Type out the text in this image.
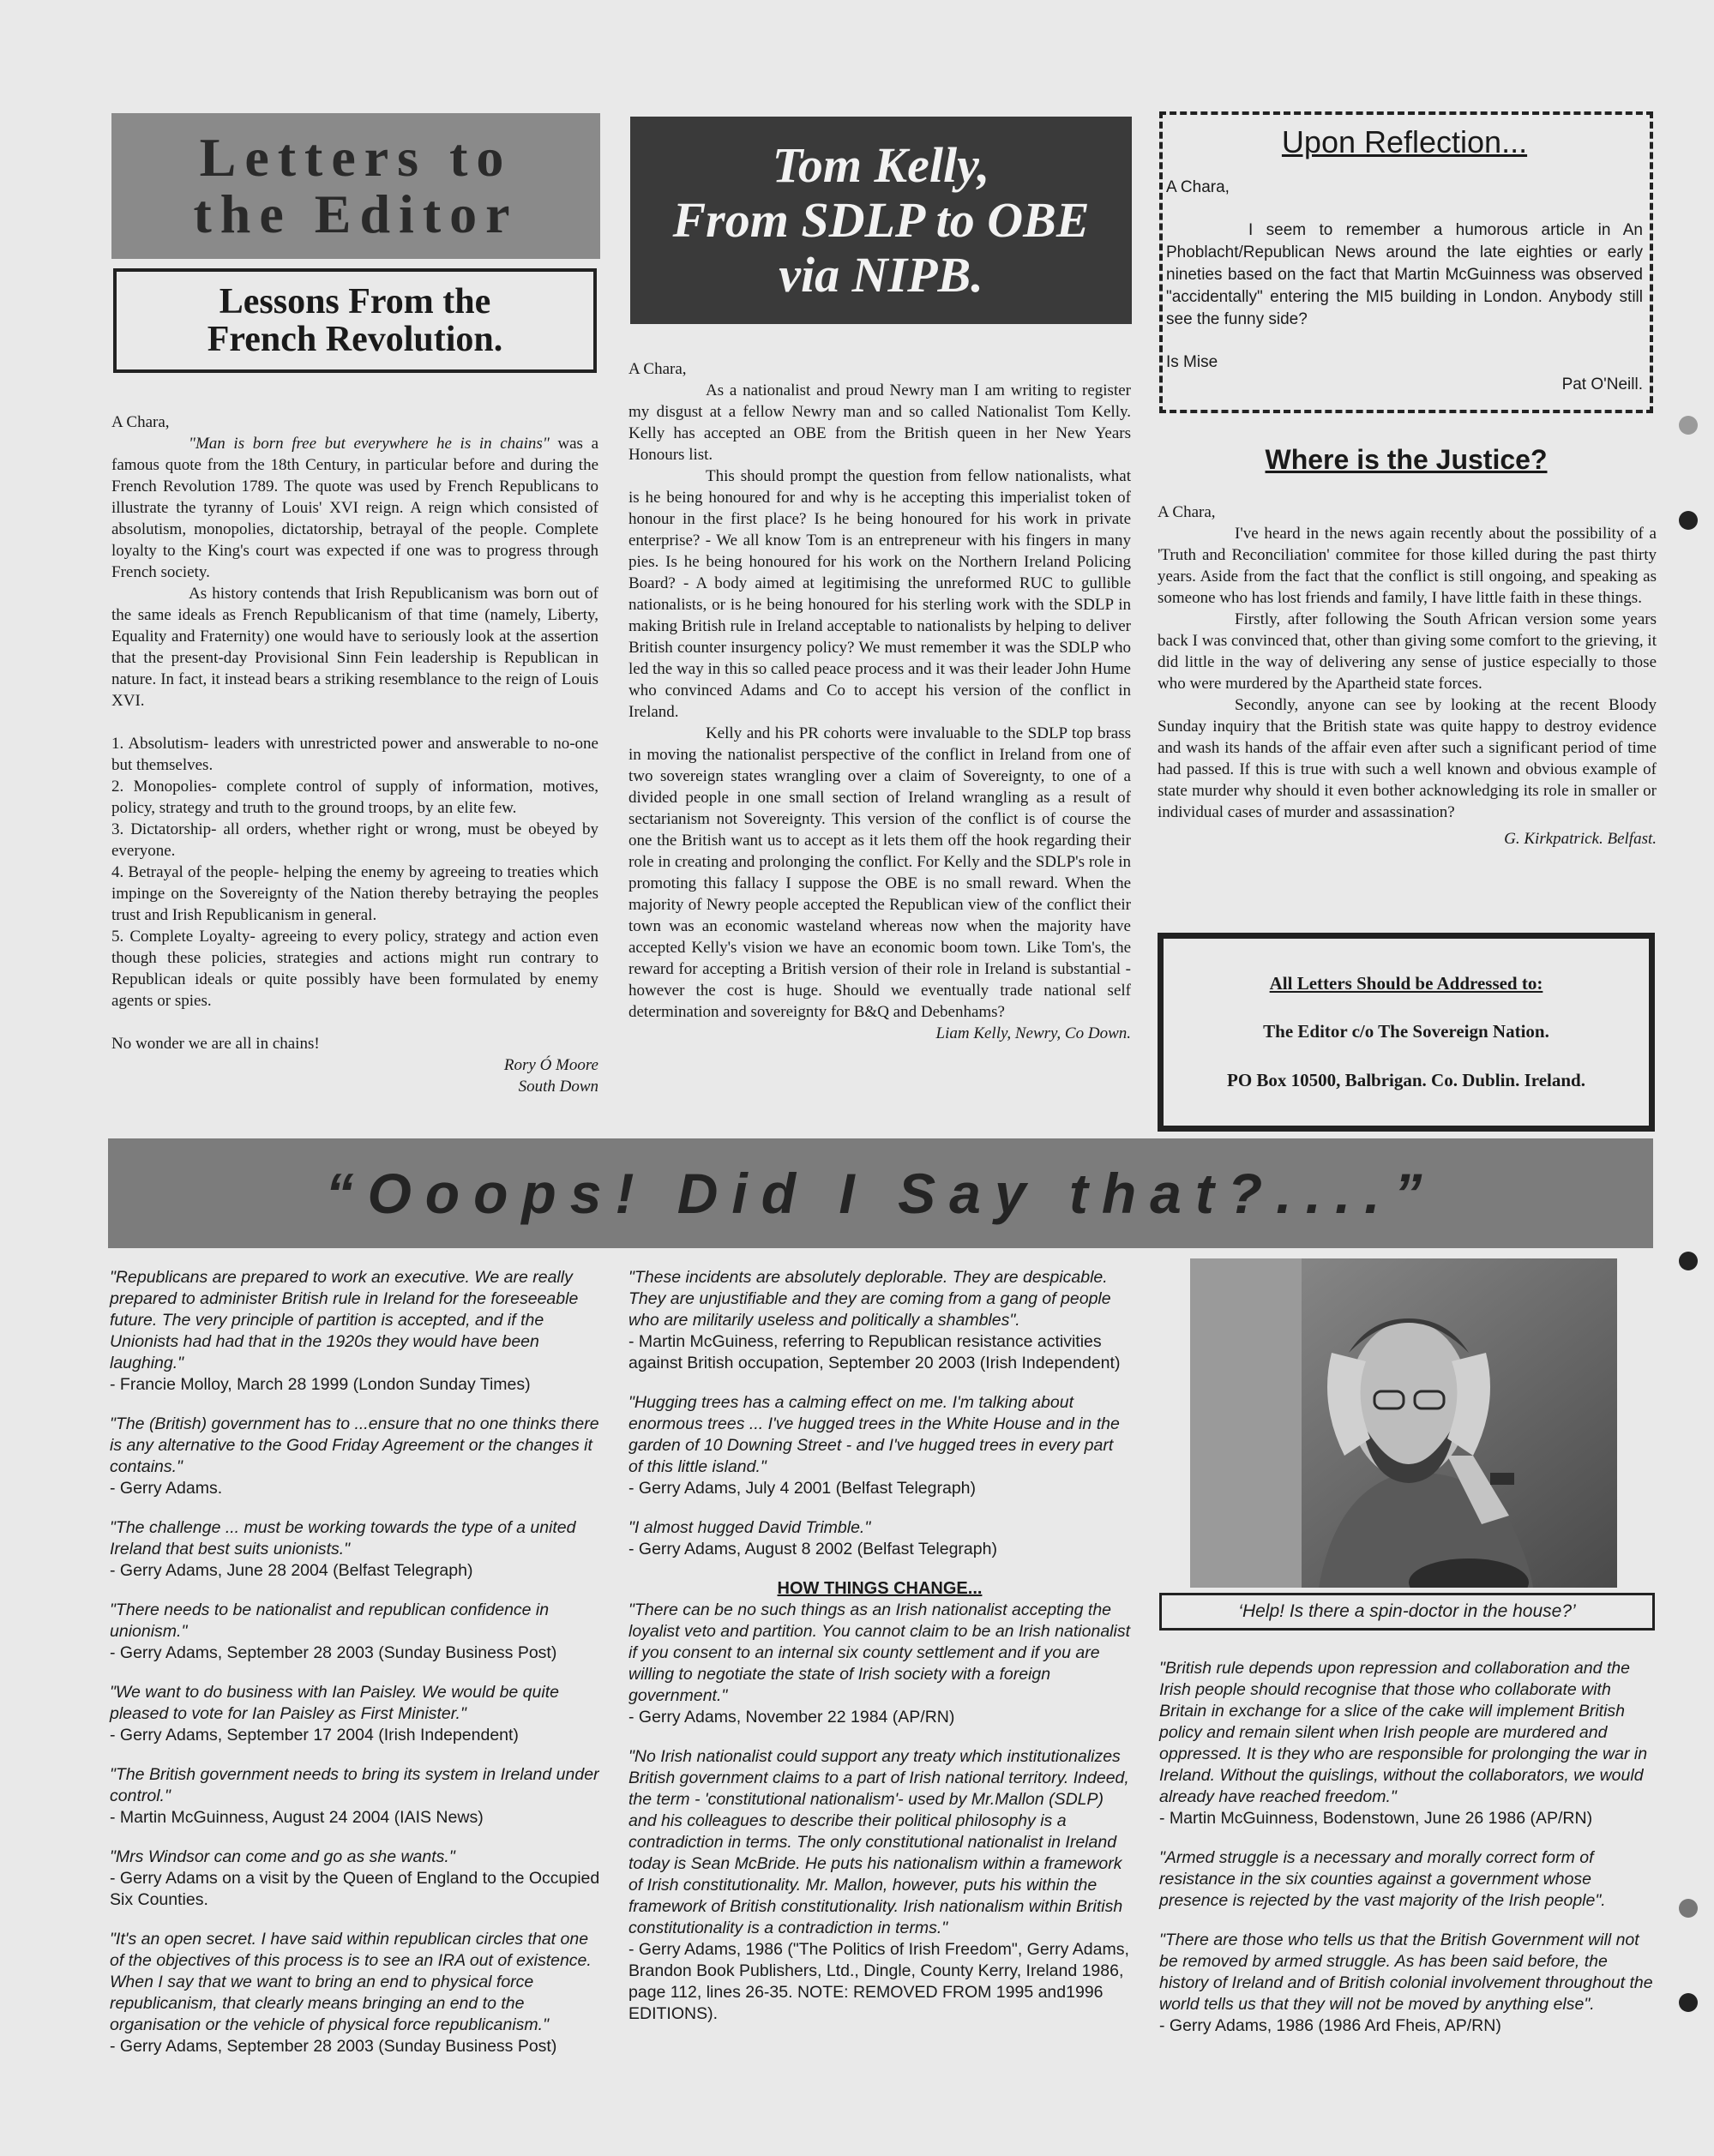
Letters to
the Editor
Lessons From the
French Revolution.

A Chara,

"Man is born free but everywhere he is in chains" was a famous quote from the 18th Century, in particular before and during the French Revolution 1789. The quote was used by French Republicans to illustrate the tyranny of Louis' XVI reign. A reign which consisted of absolutism, monopolies, dictatorship, betrayal of the people. Complete loyalty to the King's court was expected if one was to progress through French society.

As history contends that Irish Republicanism was born out of the same ideals as French Republicanism of that time (namely, Liberty, Equality and Fraternity) one would have to seriously look at the assertion that the present-day Provisional Sinn Fein leadership is Republican in nature. In fact, it instead bears a striking resemblance to the reign of Louis XVI.

1. Absolutism- leaders with unrestricted power and answerable to no-one but themselves.

2. Monopolies- complete control of supply of information, motives, policy, strategy and truth to the ground troops, by an elite few.

3. Dictatorship- all orders, whether right or wrong, must be obeyed by everyone.

4. Betrayal of the people- helping the enemy by agreeing to treaties which impinge on the Sovereignty of the Nation thereby betraying the peoples trust and Irish Republicanism in general.

5. Complete Loyalty- agreeing to every policy, strategy and action even though these policies, strategies and actions might run contrary to Republican ideals or quite possibly have been formulated by enemy agents or spies.

No wonder we are all in chains!

Rory Ó Moore

South Down

Tom Kelly,
From SDLP to OBE
via NIPB.

A Chara,

As a nationalist and proud Newry man I am writing to register my disgust at a fellow Newry man and so called Nationalist Tom Kelly. Kelly has accepted an OBE from the British queen in her New Years Honours list.

This should prompt the question from fellow nationalists, what is he being honoured for and why is he accepting this imperialist token of honour in the first place? Is he being honoured for his work in private enterprise? - We all know Tom is an entrepreneur with his fingers in many pies. Is he being honoured for his work on the Northern Ireland Policing Board? - A body aimed at legitimising the unreformed RUC to gullible nationalists, or is he being honoured for his sterling work with the SDLP in making British rule in Ireland acceptable to nationalists by helping to deliver British counter insurgency policy? We must remember it was the SDLP who led the way in this so called peace process and it was their leader John Hume who convinced Adams and Co to accept his version of the conflict in Ireland.

Kelly and his PR cohorts were invaluable to the SDLP top brass in moving the nationalist perspective of the conflict in Ireland from one of two sovereign states wrangling over a claim of Sovereignty, to one of a divided people in one small section of Ireland wrangling as a result of sectarianism not Sovereignty. This version of the conflict is of course the one the British want us to accept as it lets them off the hook regarding their role in creating and prolonging the conflict. For Kelly and the SDLP's role in promoting this fallacy I suppose the OBE is no small reward. When the majority of Newry people accepted the Republican view of the conflict their town was an economic wasteland whereas now when the majority have accepted Kelly's vision we have an economic boom town. Like Tom's, the reward for accepting a British version of their role in Ireland is substantial - however the cost is huge. Should we eventually trade national self determination and sovereignty for B&Q and Debenhams?

Liam Kelly, Newry, Co Down.

Upon Reflection...

A Chara,

I seem to remember a humorous article in An Phoblacht/Republican News around the late eighties or early nineties based on the fact that Martin McGuinness was observed "accidentally" entering the MI5 building in London. Anybody still see the funny side?

Is Mise

Pat O'Neill.

Where is the Justice?

A Chara,

I've heard in the news again recently about the possibility of a 'Truth and Reconciliation' commitee for those killed during the past thirty years. Aside from the fact that the conflict is still ongoing, and speaking as someone who has lost friends and family, I have little faith in these things.

Firstly, after following the South African version some years back I was convinced that, other than giving some comfort to the grieving, it did little in the way of delivering any sense of justice especially to those who were murdered by the Apartheid state forces.

Secondly, anyone can see by looking at the recent Bloody Sunday inquiry that the British state was quite happy to destroy evidence and wash its hands of the affair even after such a significant period of time had passed. If this is true with such a well known and obvious example of state murder why should it even bother acknowledging its role in smaller or individual cases of murder and assassination?

G. Kirkpatrick. Belfast.

All Letters Should be Addressed to:
The Editor c/o The Sovereign Nation.
PO Box 10500, Balbrigan. Co. Dublin. Ireland.
“Ooops! Did I Say that?....”

"Republicans are prepared to work an executive. We are really prepared to administer British rule in Ireland for the foreseeable future. The very principle of partition is accepted, and if the Unionists had had that in the 1920s they would have been laughing."

- Francie Molloy, March 28 1999 (London Sunday Times)

"The (British) government has to ...ensure that no one thinks there is any alternative to the Good Friday Agreement or the changes it contains."

- Gerry Adams.

"The challenge ... must be working towards the type of a united Ireland that best suits unionists."

- Gerry Adams, June 28 2004 (Belfast Telegraph)

"There needs to be nationalist and republican confidence in unionism."

- Gerry Adams, September 28 2003 (Sunday Business Post)

"We want to do business with Ian Paisley. We would be quite pleased to vote for Ian Paisley as First Minister."

- Gerry Adams, September 17 2004 (Irish Independent)

"The British government needs to bring its system in Ireland under control."

- Martin McGuinness, August 24 2004 (IAIS News)

"Mrs Windsor can come and go as she wants."

- Gerry Adams on a visit by the Queen of England to the Occupied Six Counties.

"It's an open secret. I have said within republican circles that one of the objectives of this process is to see an IRA out of existence. When I say that we want to bring an end to physical force republicanism, that clearly means bringing an end to the organisation or the vehicle of physical force republicanism."

- Gerry Adams, September 28 2003 (Sunday Business Post)

"These incidents are absolutely deplorable. They are despicable. They are unjustifiable and they are coming from a gang of people who are militarily useless and politically a shambles".

- Martin McGuiness, referring to Republican resistance activities against British occupation, September 20 2003 (Irish Independent)

"Hugging trees has a calming effect on me. I'm talking about enormous trees ... I've hugged trees in the White House and in the garden of 10 Downing Street - and I've hugged trees in every part of this little island."

- Gerry Adams, July 4 2001 (Belfast Telegraph)

"I almost hugged David Trimble."

- Gerry Adams, August 8 2002 (Belfast Telegraph)

HOW THINGS CHANGE...

"There can be no such things as an Irish nationalist accepting the loyalist veto and partition. You cannot claim to be an Irish nationalist if you consent to an internal six county settlement and if you are willing to negotiate the state of Irish society with a foreign government."

- Gerry Adams, November 22 1984 (AP/RN)

"No Irish nationalist could support any treaty which institutionalizes British government claims to a part of Irish national territory. Indeed, the term - 'constitutional nationalism'- used by Mr.Mallon (SDLP) and his colleagues to describe their political philosophy is a contradiction in terms. The only constitutional nationalist in Ireland today is Sean McBride. He puts his nationalism within a framework of Irish constitutionality. Mr. Mallon, however, puts his within the framework of British constitutionality. Irish nationalism within British constitutionality is a contradiction in terms."

- Gerry Adams, 1986 ("The Politics of Irish Freedom", Gerry Adams, Brandon Book Publishers, Ltd., Dingle, County Kerry, Ireland 1986, page 112, lines 26-35. NOTE: REMOVED FROM 1995 and1996 EDITIONS).

‘Help! Is there a spin-doctor in the house?’

"British rule depends upon repression and collaboration and the Irish people should recognise that those who collaborate with Britain in exchange for a slice of the cake will implement British policy and remain silent when Irish people are murdered and oppressed. It is they who are responsible for prolonging the war in Ireland. Without the quislings, without the collaborators, we would already have reached freedom."

- Martin McGuinness, Bodenstown, June 26 1986 (AP/RN)

"Armed struggle is a necessary and morally correct form of resistance in the six counties against a government whose presence is rejected by the vast majority of the Irish people".

"There are those who tells us that the British Government will not be removed by armed struggle. As has been said before, the history of Ireland and of British colonial involvement throughout the world tells us that they will not be moved by anything else".

- Gerry Adams, 1986 (1986 Ard Fheis, AP/RN)
